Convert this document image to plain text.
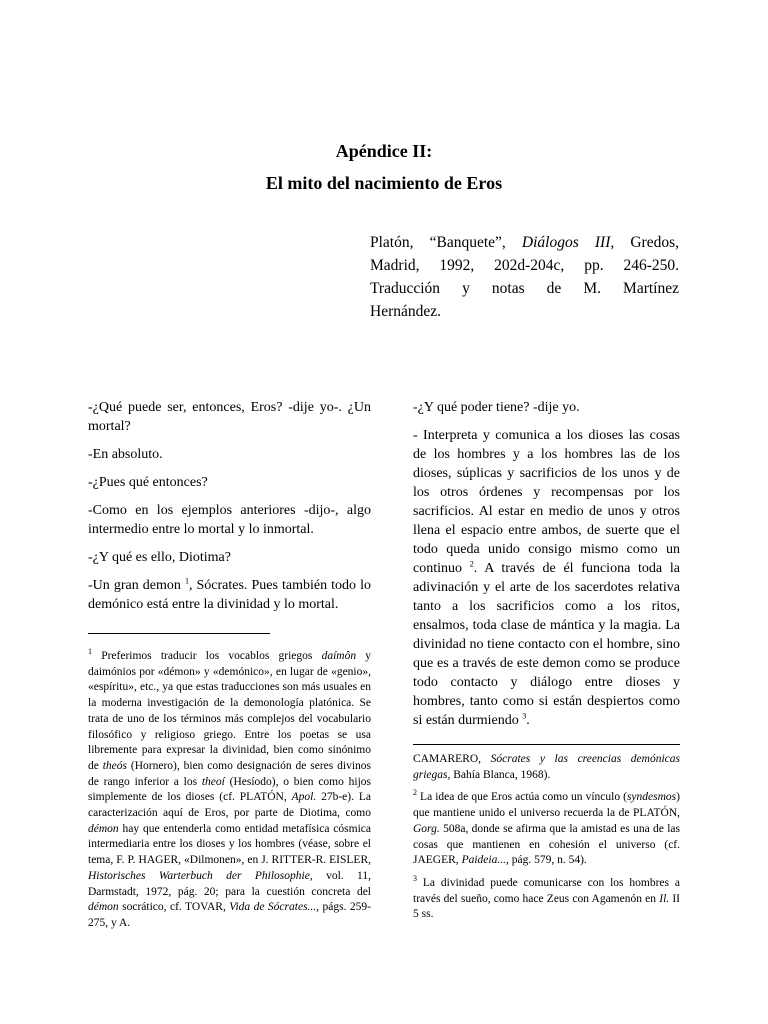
Apéndice II:
El mito del nacimiento de Eros
Platón, “Banquete”, Diálogos III, Gredos,
Madrid, 1992, 202d-204c, pp. 246-250.
Traducción y notas de M. Martínez
Hernández.

-¿Qué puede ser, entonces, Eros? -dije yo-. ¿Un mortal?

-En absoluto.

-¿Pues qué entonces?

-Como en los ejemplos anteriores -dijo-, algo intermedio entre lo mortal y lo inmortal.

-¿Y qué es ello, Diotima?

-Un gran demon $^1$, Sócrates. Pues también todo lo demónico está entre la divinidad y lo mortal.

-¿Y qué poder tiene? -dije yo.

- Interpreta y comunica a los dioses las cosas de los hombres y a los hombres las de los dioses, súplicas y sacrificios de los unos y de los otros órdenes y recompensas por los sacrificios. Al estar en medio de unos y otros llena el espacio entre ambos, de suerte que el todo queda unido consigo mismo como un continuo $^2$. A través de él funciona toda la adivinación y el arte de los sacerdotes relativa tanto a los sacrificios como a los ritos, ensalmos, toda clase de mántica y la magia. La divinidad no tiene contacto con el hombre, sino que es a través de este demon como se produce todo contacto y diálogo entre dioses y hombres, tanto como si están despiertos como si están durmiendo $^3$.

$^1$ Preferimos traducir los vocablos griegos daímôn y daimónios por «démon» y «demónico», en lugar de «genio», «espíritu», etc., ya que estas traducciones son más usuales en la moderna investigación de la demonología platónica. Se trata de uno de los términos más complejos del vocabulario filosófico y religioso griego. Entre los poetas se usa libremente para expresar la divinidad, bien como sinónimo de theós (Hornero), bien como designación de seres divinos de rango inferior a los theoí (Hesíodo), o bien como hijos simplemente de los dioses (cf. PLATÓN, Apol. 27b-e). La caracterización aquí de Eros, por parte de Diotima, como démon hay que entenderla como entidad metafísica cósmica intermediaria entre los dioses y los hombres (véase, sobre el tema, F. P. HAGER, «Dilmonen», en J. RITTER-R. EISLER, Historisches Warterbuch der Philosophie, vol. 11, Darmstadt, 1972, pág. 20; para la cuestión concreta del démon socrático, cf. TOVAR, Vida de Sócrates..., págs. 259-275, y A.

CAMARERO, Sócrates y las creencias demónicas griegas, Bahía Blanca, 1968).

$^2$ La idea de que Eros actúa como un vínculo (syndesmos) que mantiene unido el universo recuerda la de PLATÓN, Gorg. 508a, donde se afirma que la amistad es una de las cosas que mantienen en cohesión el universo (cf. JAEGER, Paideia..., pág. 579, n. 54).

$^3$ La divinidad puede comunicarse con los hombres a través del sueño, como hace Zeus con Agamenón en Il. II 5 ss.
